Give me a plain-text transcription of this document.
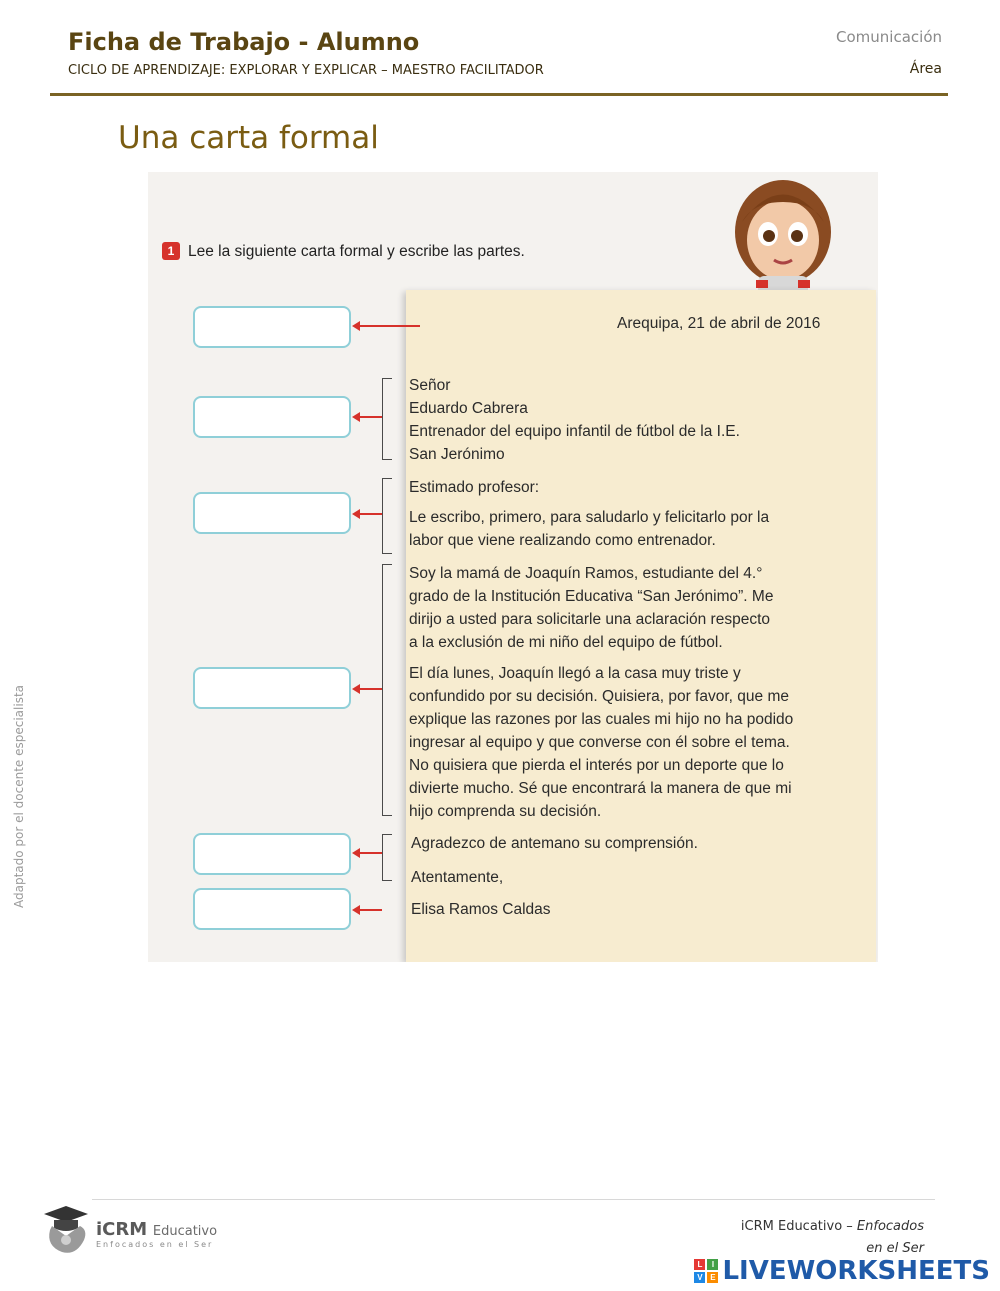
Ficha de Trabajo - Alumno
CICLO DE APRENDIZAJE: EXPLORAR Y EXPLICAR – MAESTRO FACILITADOR
Comunicación
Área
Una carta formal
Adaptado por el docente especialista
1 Lee la siguiente carta formal y escribe las partes.
Arequipa, 21 de abril de 2016
Señor
Eduardo Cabrera
Entrenador del equipo infantil de fútbol de la I.E.
San Jerónimo
Estimado profesor:
Le escribo, primero, para saludarlo y felicitarlo por la
labor que viene realizando como entrenador.
Soy la mamá de Joaquín Ramos, estudiante del 4.°
grado de la Institución Educativa “San Jerónimo”. Me
dirijo a usted para solicitarle una aclaración respecto
a la exclusión de mi niño del equipo de fútbol.
El día lunes, Joaquín llegó a la casa muy triste y
confundido por su decisión. Quisiera, por favor, que me
explique las razones por las cuales mi hijo no ha podido
ingresar al equipo y que converse con él sobre el tema.
No quisiera que pierda el interés por un deporte que lo
divierte mucho. Sé que encontrará la manera de que mi
hijo comprenda su decisión.
Agradezco de antemano su comprensión.
Atentamente,
Elisa Ramos Caldas
iCRM Educativo
Enfocados en el Ser
iCRM Educativo – Enfocados
en el Ser
L	I
V E LIVEWORKSHEETS
